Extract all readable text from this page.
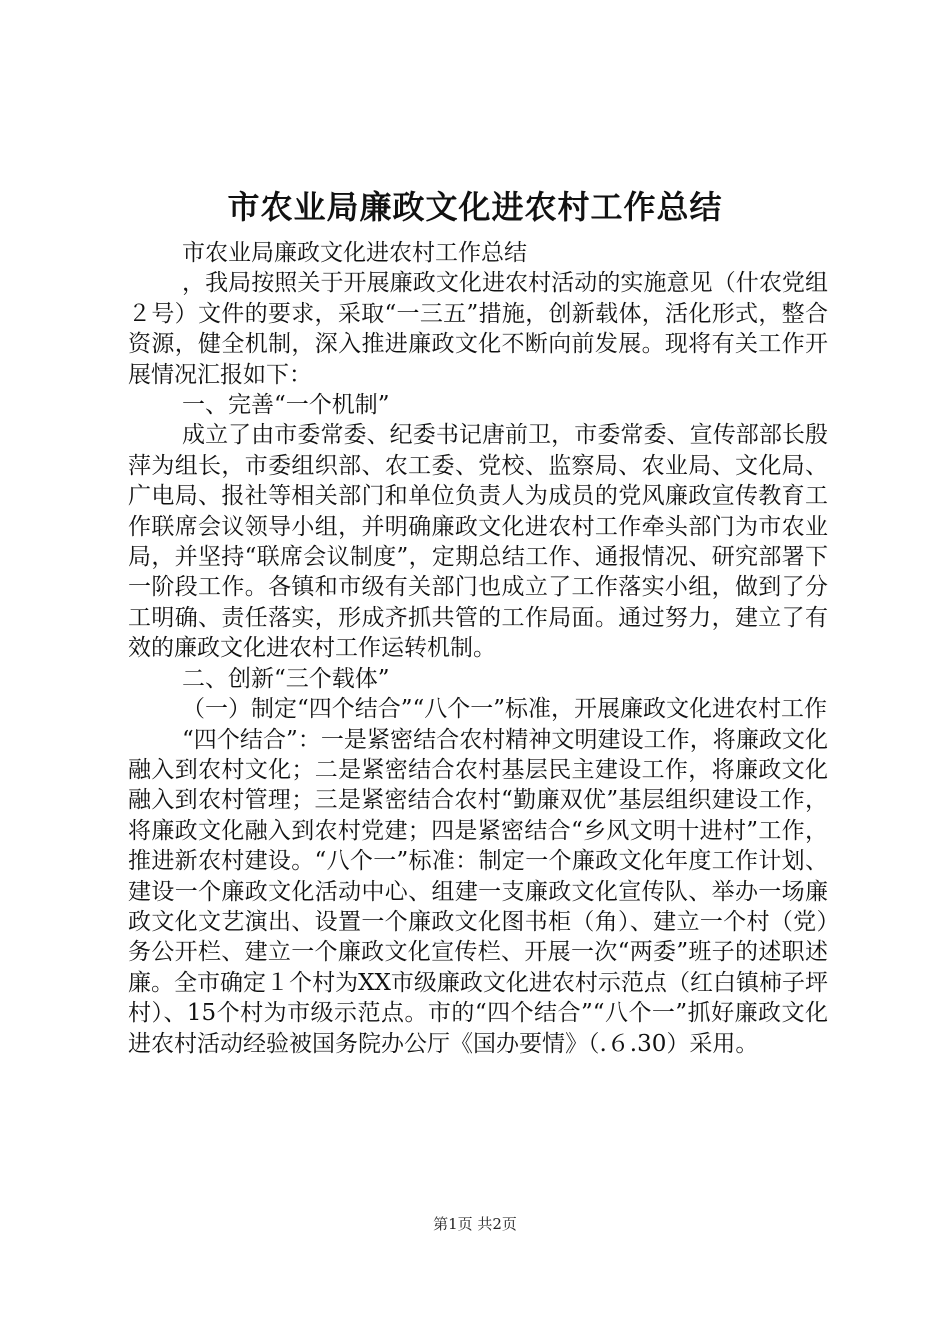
市农业局廉政文化进农村工作总结

市农业局廉政文化进农村工作总结

，我局按照关于开展廉政文化进农村活动的实施意见（什农党组２号）文件的要求，采取“一三五”措施，创新载体，活化形式，整合资源，健全机制，深入推进廉政文化不断向前发展。现将有关工作开展情况汇报如下：

一、完善“一个机制”

成立了由市委常委、纪委书记唐前卫，市委常委、宣传部部长殷萍为组长，市委组织部、农工委、党校、监察局、农业局、文化局、广电局、报社等相关部门和单位负责人为成员的党风廉政宣传教育工作联席会议领导小组，并明确廉政文化进农村工作牵头部门为市农业局，并坚持“联席会议制度”，定期总结工作、通报情况、研究部署下一阶段工作。各镇和市级有关部门也成立了工作落实小组，做到了分工明确、责任落实，形成齐抓共管的工作局面。通过努力，建立了有效的廉政文化进农村工作运转机制。

二、创新“三个载体”

（一）制定“四个结合”“八个一”标准，开展廉政文化进农村工作

“四个结合”：一是紧密结合农村精神文明建设工作，将廉政文化融入到农村文化；二是紧密结合农村基层民主建设工作，将廉政文化融入到农村管理；三是紧密结合农村“勤廉双优”基层组织建设工作，将廉政文化融入到农村党建；四是紧密结合“乡风文明十进村”工作，推进新农村建设。“八个一”标准：制定一个廉政文化年度工作计划、建设一个廉政文化活动中心、组建一支廉政文化宣传队、举办一场廉政文化文艺演出、设置一个廉政文化图书柜（角）、建立一个村（党）务公开栏、建立一个廉政文化宣传栏、开展一次“两委”班子的述职述廉。全市确定１个村为XX市级廉政文化进农村示范点（红白镇柿子坪村）、15个村为市级示范点。市的“四个结合”“八个一”抓好廉政文化进农村活动经验被国务院办公厅《国办要情》（.６.30）采用。

第1页 共2页
